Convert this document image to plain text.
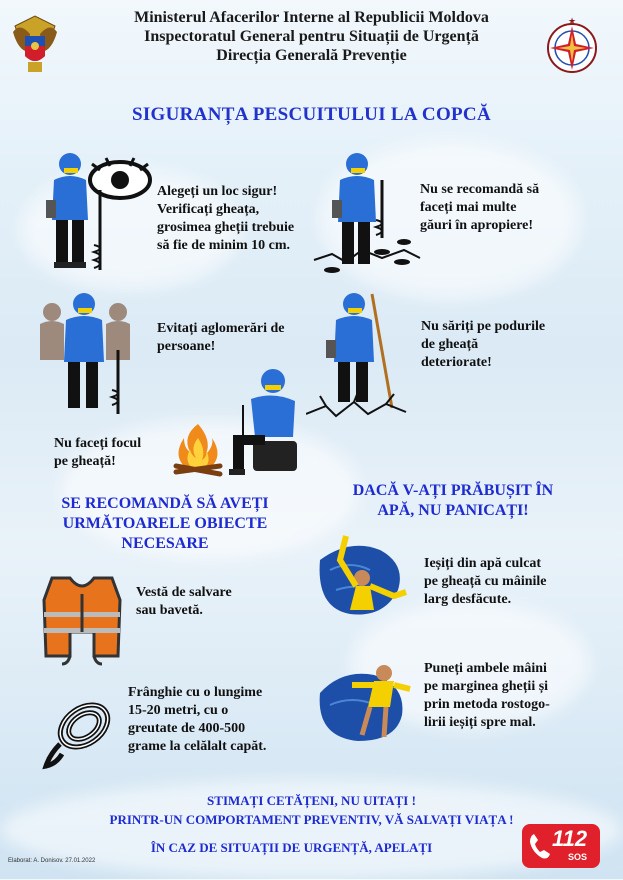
★
Ministerul Afacerilor Interne al Republicii Moldova
Inspectoratul General pentru Situații de Urgență
Direcția Generală Prevenție
SIGURANȚA PESCUITULUI LA COPCĂ
Alegeți un loc sigur!
Verificați gheața,
grosimea gheții trebuie
să fie de minim 10 cm.
Nu se recomandă să
faceți mai multe
găuri în apropiere!
Evitați aglomerări de
persoane!
Nu săriți pe podurile
de gheață
deteriorate!
Nu faceți focul
pe gheață!
SE RECOMANDĂ SĂ AVEȚI
URMĂTOARELE OBIECTE
NECESARE
DACĂ V-AȚI PRĂBUȘIT ÎN
APĂ, NU PANICAȚI!
Vestă de salvare
sau bavetă.
Frânghie cu o lungime
15-20 metri, cu o
greutate de 400-500
grame la celălalt capăt.
Ieșiți din apă culcat
pe gheață cu mâinile
larg desfăcute.
Puneți ambele mâini
pe marginea gheții și
prin metoda rostogo-
lirii ieșiți spre mal.
STIMAȚI CETĂȚENI, NU UITAȚI !
PRINTR-UN COMPORTAMENT PREVENTIV, VĂ SALVAȚI VIAȚA !
ÎN CAZ DE SITUAȚII DE URGENȚĂ, APELAȚI	112
SOS
Elaborat: A. Donisov. 27.01.2022
